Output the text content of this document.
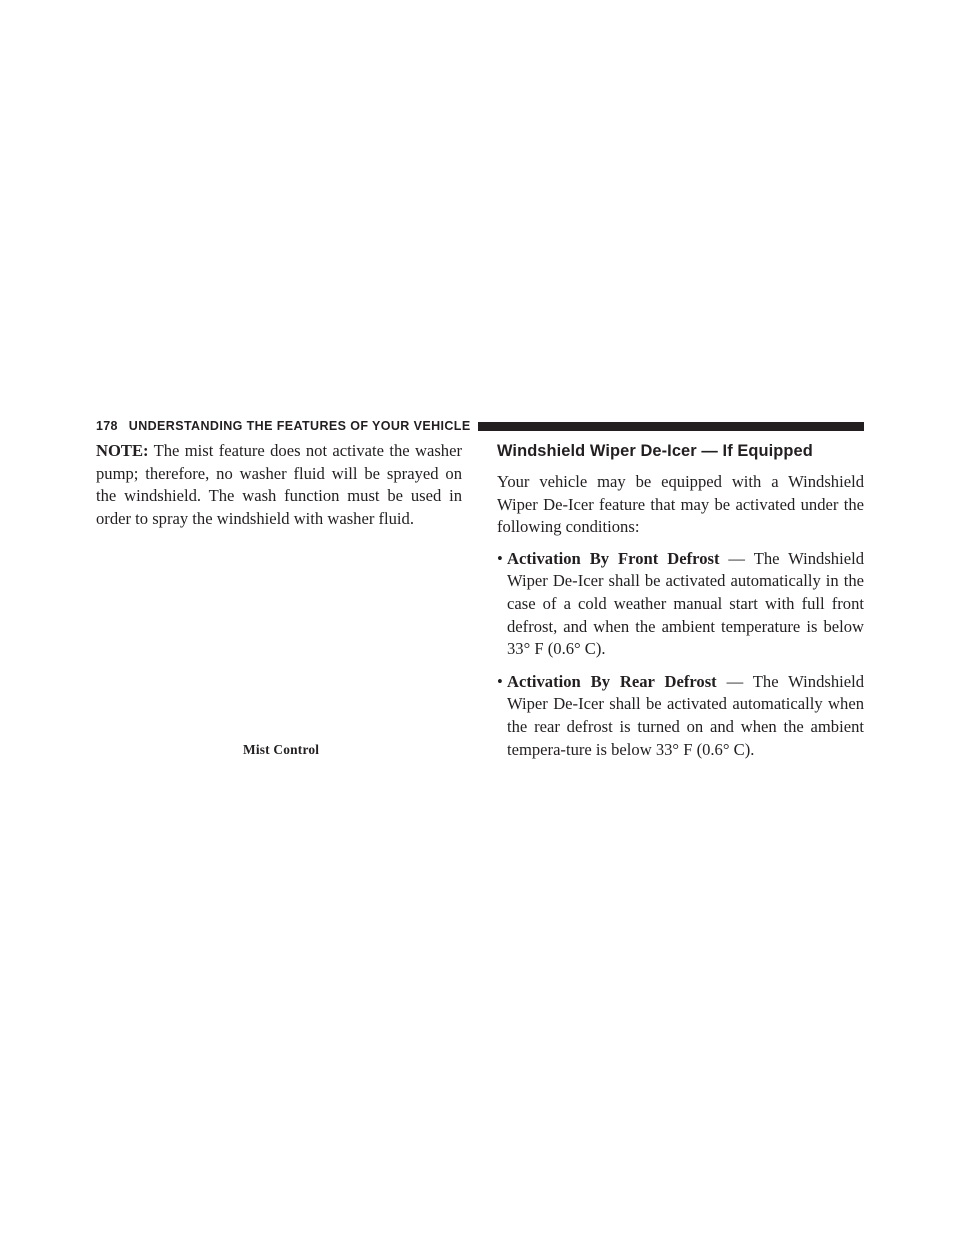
178 UNDERSTANDING THE FEATURES OF YOUR VEHICLE

NOTE: The mist feature does not activate the washer pump; therefore, no washer fluid will be sprayed on the windshield. The wash function must be used in order to spray the windshield with washer fluid.

Mist Control
Windshield Wiper De-Icer — If Equipped

Your vehicle may be equipped with a Windshield Wiper De-Icer feature that may be activated under the following conditions:

• Activation By Front Defrost — The Windshield Wiper De-Icer shall be activated automatically in the case of a cold weather manual start with full front defrost, and when the ambient temperature is below 33° F (0.6° C).
• Activation By Rear Defrost — The Windshield Wiper De-Icer shall be activated automatically when the rear defrost is turned on and when the ambient tempera-ture is below 33° F (0.6° C).
